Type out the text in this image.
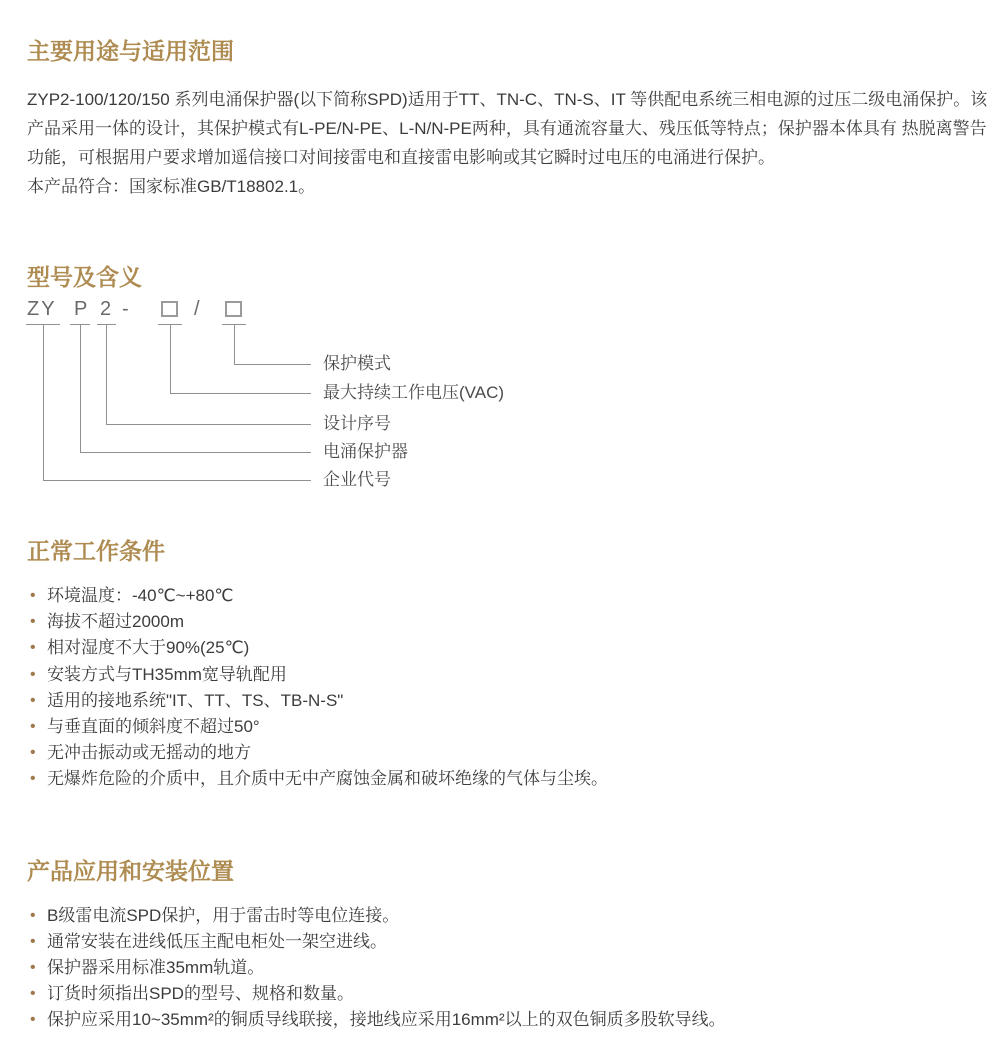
主要用途与适用范围

ZYP2-100/120/150 系列电涌保护器(以下简称SPD)适用于TT、TN-C、TN-S、IT 等供配电系统三相电源的过压二级电涌保护。该产品采用一体的设计，其保护模式有L-PE/N-PE、L-N/N-PE两种，具有通流容量大、残压低等特点；保护器本体具有 热脱离警告功能，可根据用户要求增加遥信接口对间接雷电和直接雷电影响或其它瞬时过电压的电涌进行保护。

本产品符合：国家标准GB/T18802.1。

型号及含义
ZY P 2 -	/
保护模式
最大持续工作电压(VAC)
设计序号
电涌保护器
企业代号
正常工作条件
• 环境温度：-40℃~+80℃
• 海拔不超过2000m
• 相对湿度不大于90%(25℃)
• 安装方式与TH35mm宽导轨配用
• 适用的接地系统"IT、TT、TS、TB-N-S"
• 与垂直面的倾斜度不超过50°
• 无冲击振动或无摇动的地方
• 无爆炸危险的介质中，且介质中无中产腐蚀金属和破坏绝缘的气体与尘埃。
产品应用和安装位置
• B级雷电流SPD保护，用于雷击时等电位连接。
• 通常安装在进线低压主配电柜处一架空进线。
• 保护器采用标准35mm轨道。
• 订货时须指出SPD的型号、规格和数量。
• 保护应采用10~35mm²的铜质导线联接，接地线应采用16mm²以上的双色铜质多股软导线。
